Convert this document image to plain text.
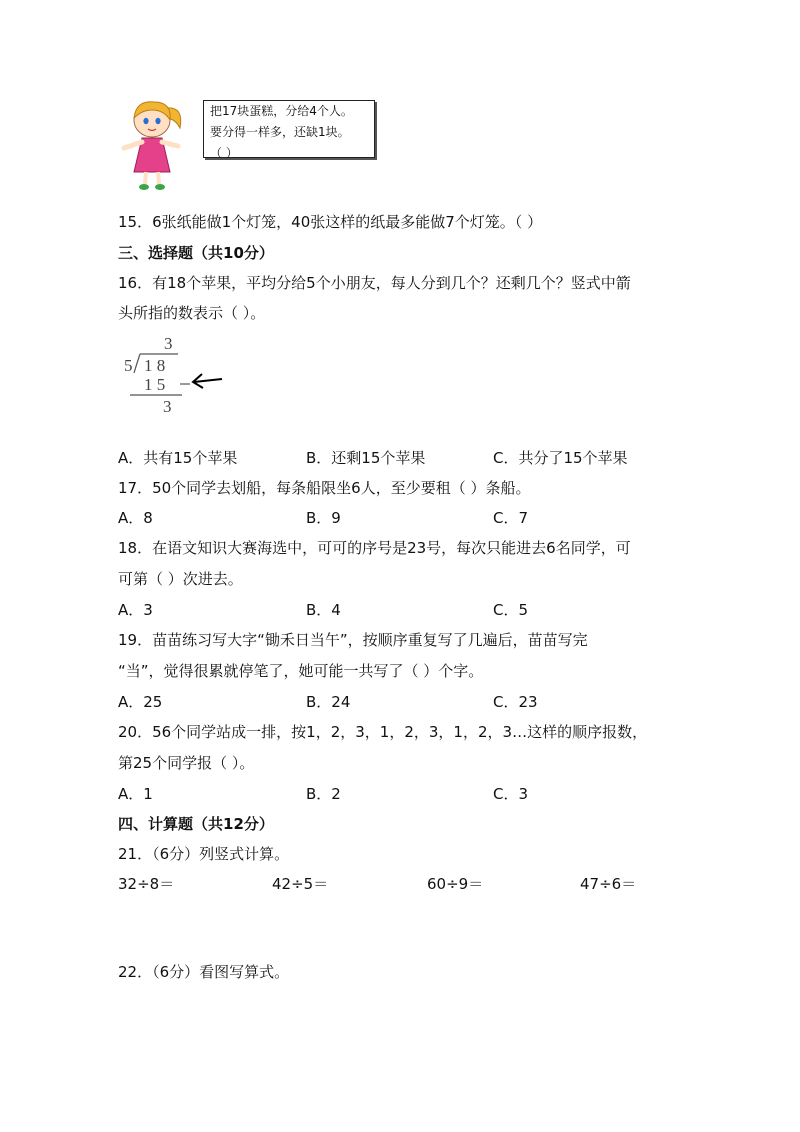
把17块蛋糕，分给4个人。
要分得一样多，还缺1块。
（ ）
15．6张纸能做1个灯笼，40张这样的纸最多能做7个灯笼。（ ）
三、选择题（共10分）
16．有18个苹果，平均分给5个小朋友，每人分到几个？还剩几个？竖式中箭
头所指的数表示（ ）。
3
5 1 8
1 5
3
A．共有15个苹果	B．还剩15个苹果	C．共分了15个苹果
17．50个同学去划船，每条船限坐6人，至少要租（ ）条船。
A．8	B．9	C．7
18．在语文知识大赛海选中，可可的序号是23号，每次只能进去6名同学，可
可第（ ）次进去。
A．3	B．4	C．5
19．苗苗练习写大字“锄禾日当午”，按顺序重复写了几遍后，苗苗写完
“当”，觉得很累就停笔了，她可能一共写了（ ）个字。
A．25	B．24	C．23
20．56个同学站成一排，按1，2，3，1，2，3，1，2，3…这样的顺序报数，
第25个同学报（ ）。
A．1	B．2	C．3
四、计算题（共12分）
21．（6分）列竖式计算。
32÷8＝	42÷5＝	60÷9＝	47÷6＝
22．（6分）看图写算式。
